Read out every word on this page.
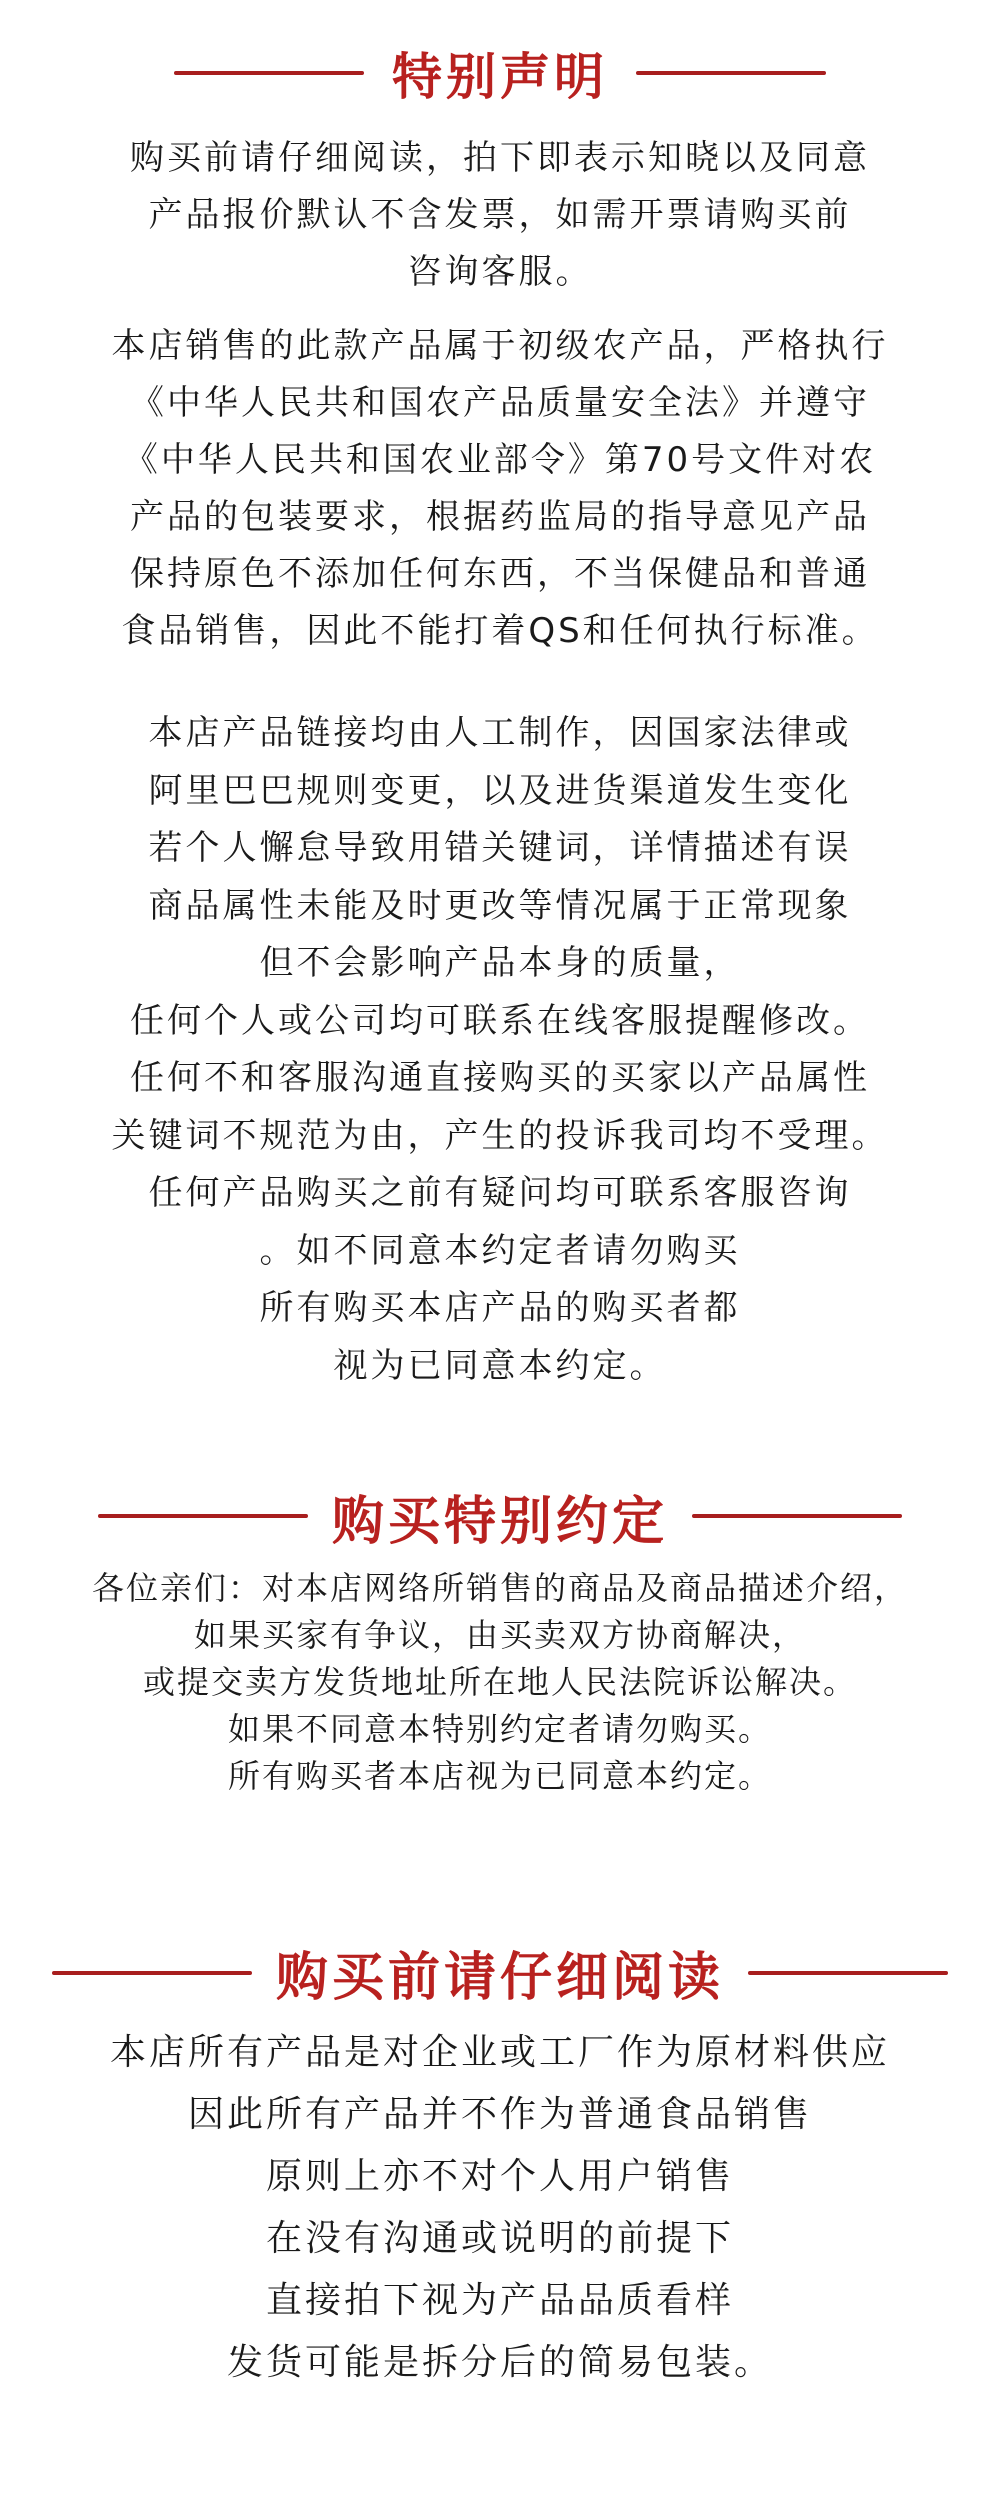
特别声明
购买前请仔细阅读，拍下即表示知晓以及同意
产品报价默认不含发票，如需开票请购买前
咨询客服。
本店销售的此款产品属于初级农产品，严格执行
《中华人民共和国农产品质量安全法》并遵守
《中华人民共和国农业部令》第70号文件对农
产品的包装要求，根据药监局的指导意见产品
保持原色不添加任何东西，不当保健品和普通
食品销售，因此不能打着QS和任何执行标准。
本店产品链接均由人工制作，因国家法律或
阿里巴巴规则变更，以及进货渠道发生变化
若个人懈怠导致用错关键词，详情描述有误
商品属性未能及时更改等情况属于正常现象
但不会影响产品本身的质量，
任何个人或公司均可联系在线客服提醒修改。
任何不和客服沟通直接购买的买家以产品属性
关键词不规范为由，产生的投诉我司均不受理。
任何产品购买之前有疑问均可联系客服咨询
。如不同意本约定者请勿购买
所有购买本店产品的购买者都
视为已同意本约定。
购买特别约定
各位亲们：对本店网络所销售的商品及商品描述介绍，
如果买家有争议，由买卖双方协商解决，
或提交卖方发货地址所在地人民法院诉讼解决。
如果不同意本特别约定者请勿购买。
所有购买者本店视为已同意本约定。
购买前请仔细阅读
本店所有产品是对企业或工厂作为原材料供应
因此所有产品并不作为普通食品销售
原则上亦不对个人用户销售
在没有沟通或说明的前提下
直接拍下视为产品品质看样
发货可能是拆分后的简易包装。
